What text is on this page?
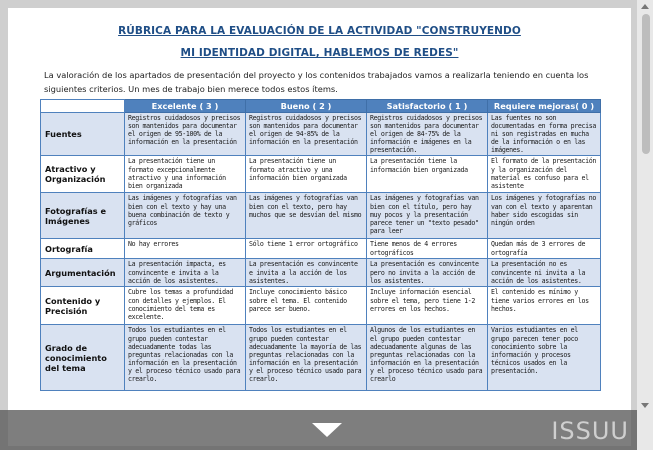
RÚBRICA PARA LA EVALUACIÓN DE LA ACTIVIDAD "CONSTRUYENDO
MI IDENTIDAD DIGITAL, HABLEMOS DE REDES"
La valoración de los apartados de presentación del proyecto y los contenidos trabajados vamos a realizarla teniendo en cuenta los siguientes criterios. Un mes de trabajo bien merece todos estos ítems.
	Excelente ( 3 )	Bueno ( 2 )	Satisfactorio ( 1 )	Requiere mejoras( 0 )
Fuentes	Registros cuidadosos y precisos son mantenidos para documentar el origen de 95-100% de la información en la presentación	Registros cuidadosos y precisos son mantenidos para documentar el origen de 94-85% de la información en la presentación	Registros cuidadosos y precisos son mantenidos para documentar el origen de 84-75% de la información e imágenes en la presentación.	Las fuentes no son documentadas en forma precisa ni son registradas en mucha de la información o en las imágenes.
Atractivo y Organización	La presentación tiene un formato excepcionalmente atractivo y una información bien organizada	La presentación tiene un formato atractivo y una información bien organizada	La presentación tiene la información bien organizada	El formato de la presentación y la organización del material es confuso para el asistente
Fotografías e Imágenes	Las imágenes y fotografías van bien con el texto y hay una buena combinación de texto y gráficos	Las imágenes y fotografías van bien con el texto, pero hay muchos que se desvían del mismo	Las imágenes y fotografías van bien con el título, pero hay muy pocos y la presentación parece tener un "texto pesado" para leer	Los imágenes y fotografías no van con el texto y aparentan haber sido escogidas sin ningún orden
Ortografía	No hay errores	Sólo tiene 1 error ortográfico	Tiene menos de 4 errores ortográficos	Quedan más de 3 errores de ortografía
Argumentación	La presentación impacta, es convincente e invita a la acción de los asistentes.	La presentación es convincente e invita a la acción de los asistentes.	La presentación es convincente pero no invita a la acción de los asistentes.	La presentación no es convincente ni invita a la acción de los asistentes.
Contenido y Precisión	Cubre los temas a profundidad con detalles y ejemplos. El conocimiento del tema es excelente.	Incluye conocimiento básico sobre el tema. El contenido parece ser bueno.	Incluye información esencial sobre el tema, pero tiene 1-2 errores en los hechos.	El contenido es mínimo y tiene varios errores en los hechos.
Grado de conocimiento del tema	Todos los estudiantes en el grupo pueden contestar adecuadamente todas las preguntas relacionadas con la información en la presentación y el proceso técnico usado para crearlo.	Todos los estudiantes en el grupo pueden contestar adecuadamente la mayoría de las preguntas relacionadas con la información en la presentación y el proceso técnico usado para crearlo.	Algunos de los estudiantes en el grupo pueden contestar adecuadamente algunas de las preguntas relacionadas con la información en la presentación y el proceso técnico usado para crearlo	Varios estudiantes en el grupo parecen tener poco conocimiento sobre la información y procesos técnicos usados en la presentación.
ISSUU
